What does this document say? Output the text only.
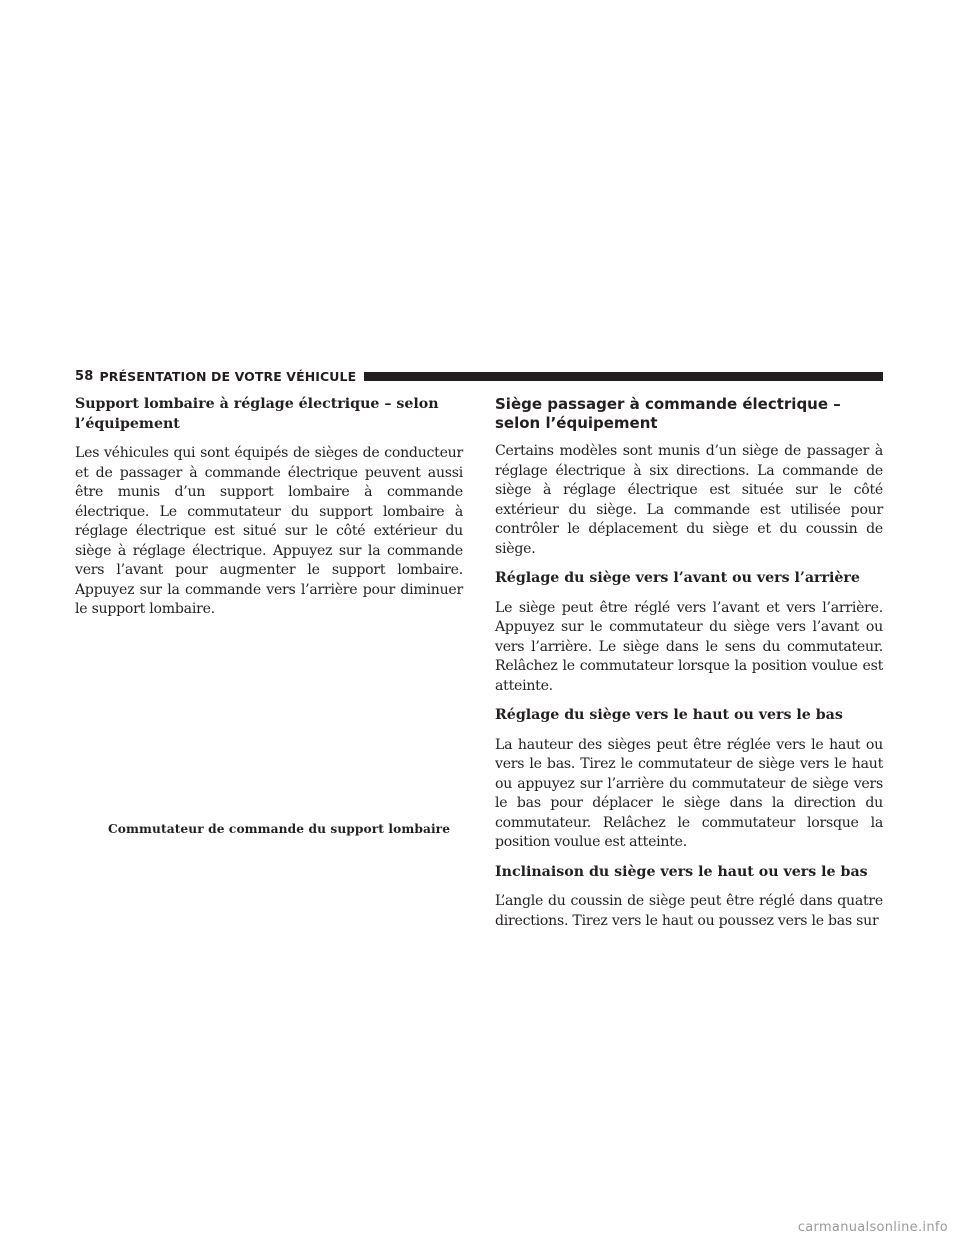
58 PRÉSENTATION DE VOTRE VÉHICULE
Support lombaire à réglage électrique – selon l’équipement
Les véhicules qui sont équipés de sièges de conducteur et de passager à commande électrique peuvent aussi être munis d’un support lombaire à commande électrique. Le commutateur du support lombaire à réglage électrique est situé sur le côté extérieur du siège à réglage électrique. Appuyez sur la commande vers l’avant pour augmenter le support lombaire. Appuyez sur la commande vers l’arrière pour diminuer le support lombaire.
Commutateur de commande du support lombaire
Siège passager à commande électrique – selon l’équipement
Certains modèles sont munis d’un siège de passager à réglage électrique à six directions. La commande de siège à réglage électrique est située sur le côté extérieur du siège. La commande est utilisée pour contrôler le déplacement du siège et du coussin de siège.
Réglage du siège vers l’avant ou vers l’arrière
Le siège peut être réglé vers l’avant et vers l’arrière. Appuyez sur le commutateur du siège vers l’avant ou vers l’arrière. Le siège dans le sens du commutateur. Relâchez le commutateur lorsque la position voulue est atteinte.
Réglage du siège vers le haut ou vers le bas
La hauteur des sièges peut être réglée vers le haut ou vers le bas. Tirez le commutateur de siège vers le haut ou appuyez sur l’arrière du commutateur de siège vers le bas pour déplacer le siège dans la direction du commutateur. Relâchez le commutateur lorsque la position voulue est atteinte.
Inclinaison du siège vers le haut ou vers le bas
L’angle du coussin de siège peut être réglé dans quatre directions. Tirez vers le haut ou poussez vers le bas sur
carmanualsonline.info
